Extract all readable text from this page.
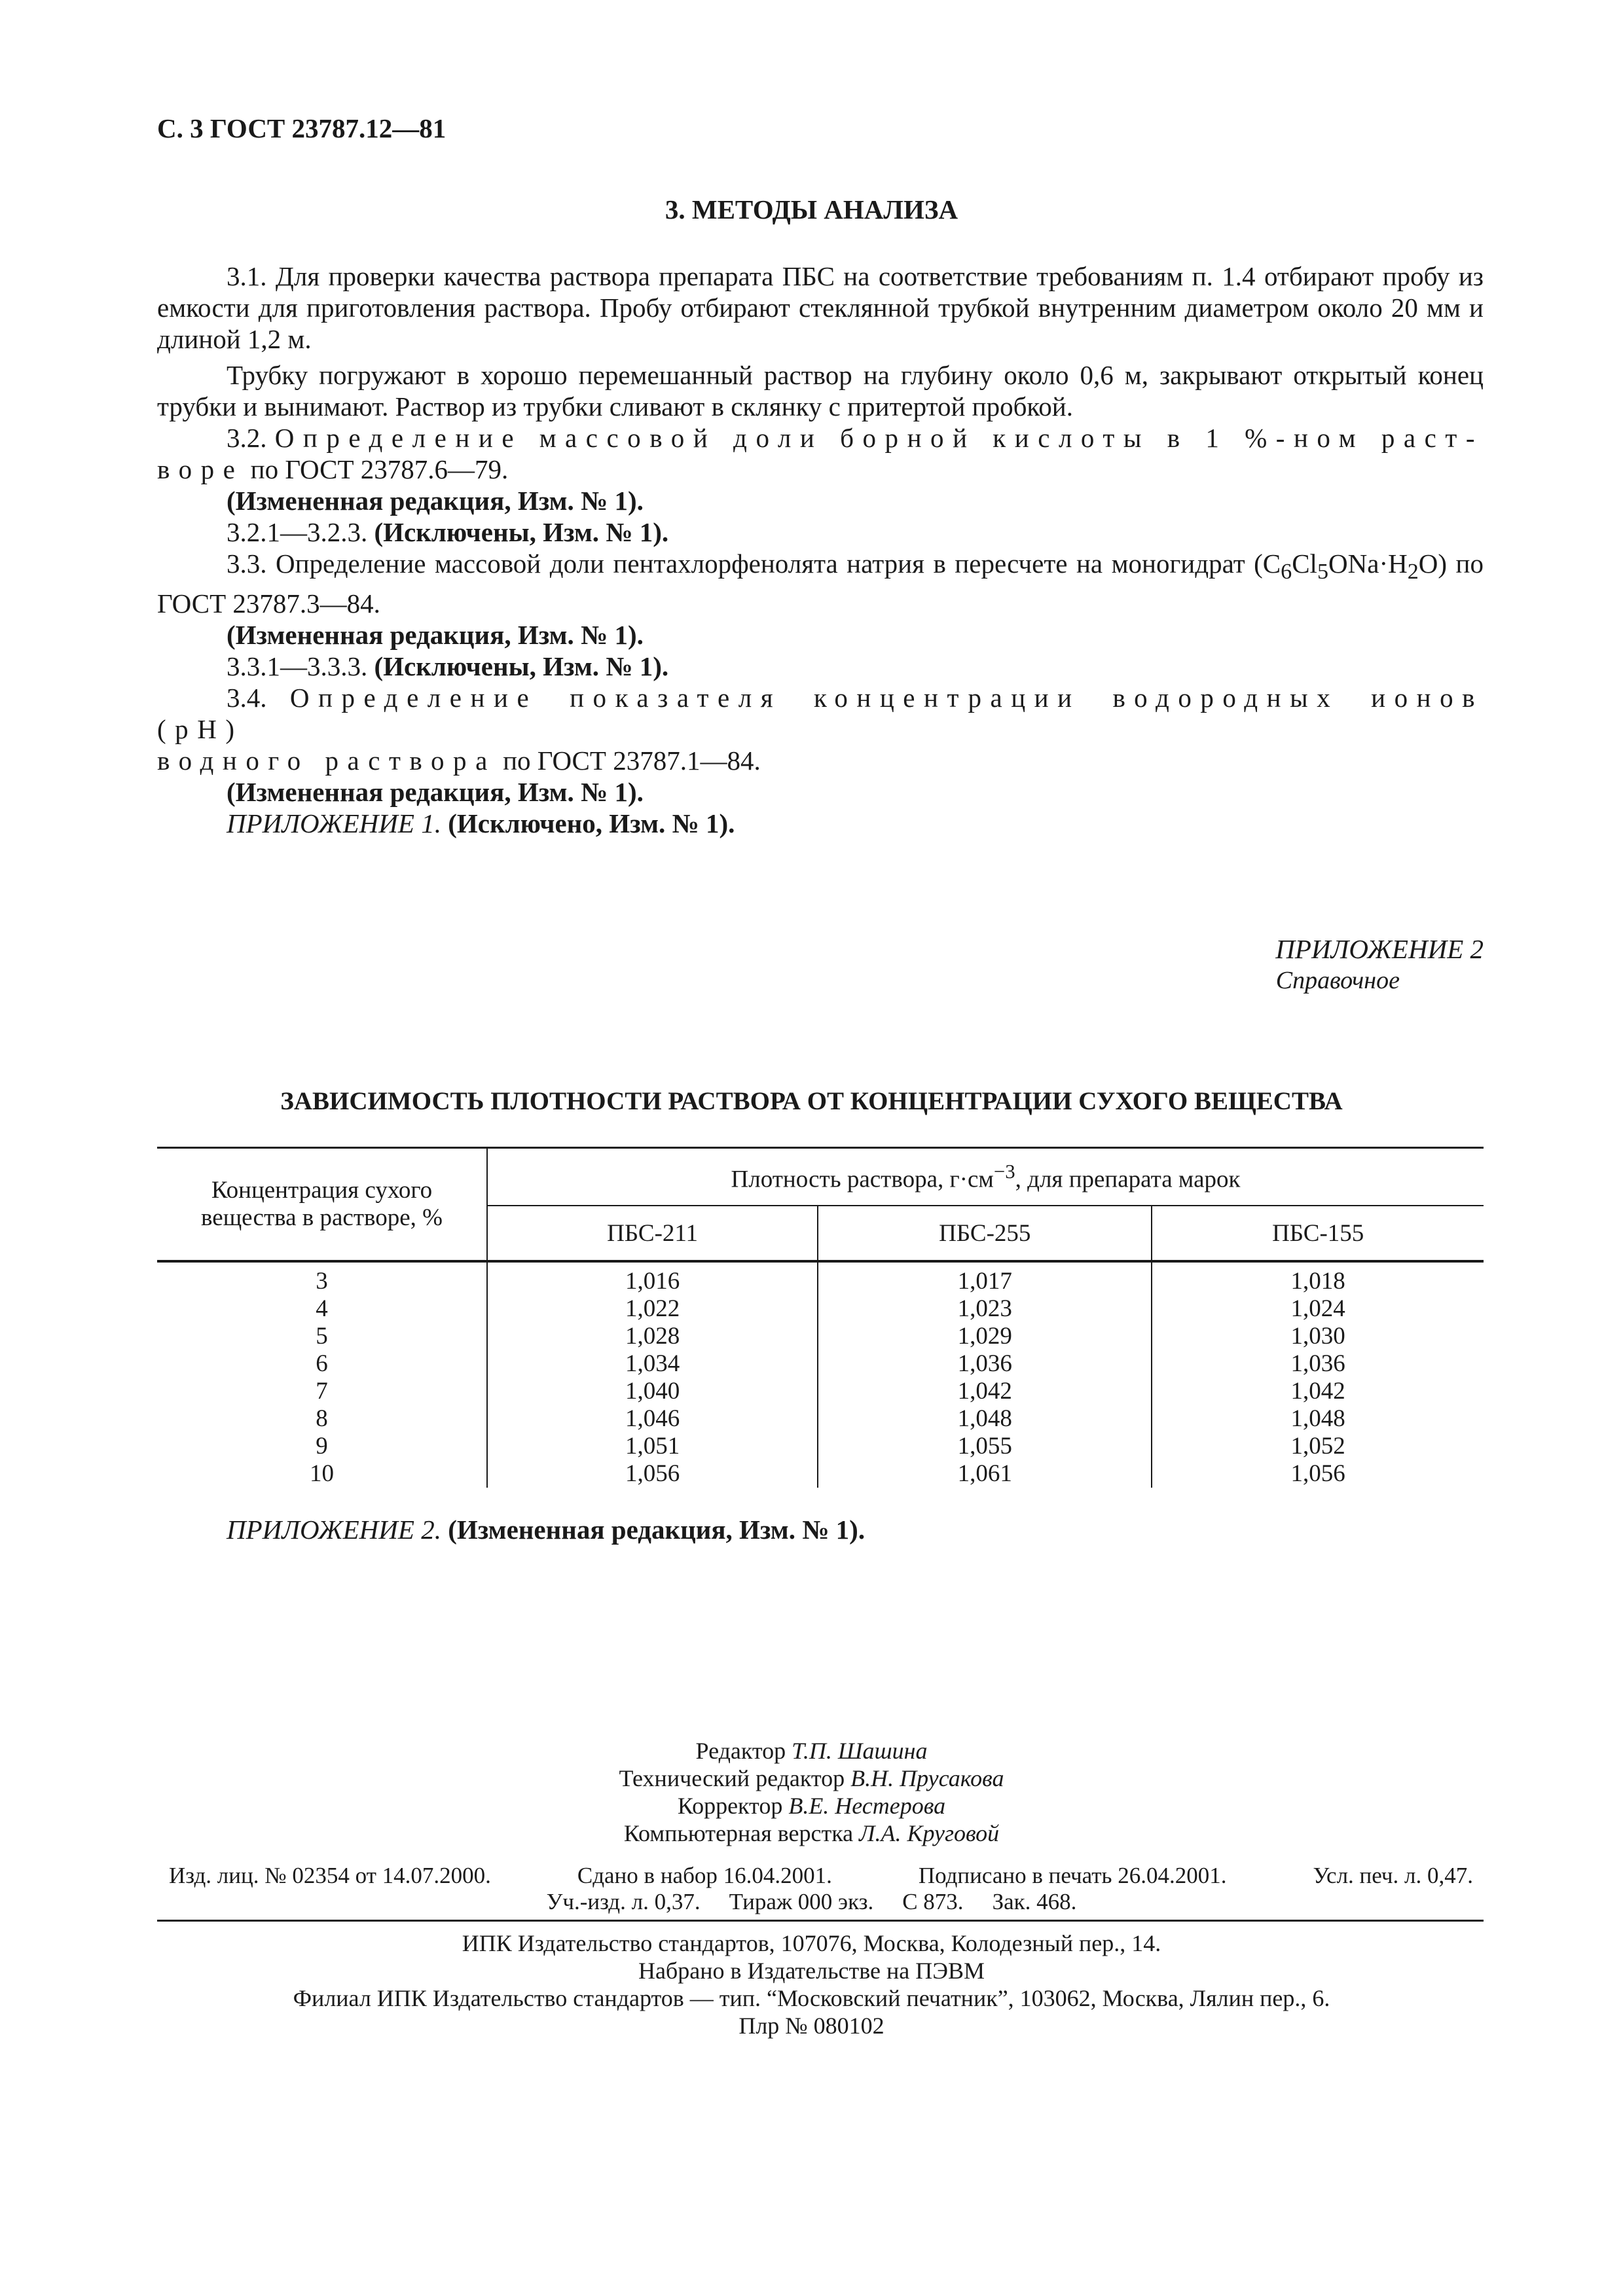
С. 3 ГОСТ 23787.12—81
3. МЕТОДЫ АНАЛИЗА

3.1. Для проверки качества раствора препарата ПБС на соответствие требованиям п. 1.4 отбирают пробу из емкости для приготовления раствора. Пробу отбирают стеклянной трубкой внутренним диаметром около 20 мм и длиной 1,2 м.

Трубку погружают в хорошо перемешанный раствор на глубину около 0,6 м, закрывают открытый конец трубки и вынимают. Раствор из трубки сливают в склянку с притертой пробкой.

3.2. Определение массовой доли борной кислоты в 1 %-ном раст-

воре по ГОСТ 23787.6—79.

(Измененная редакция, Изм. № 1).

3.2.1—3.2.3. (Исключены, Изм. № 1).

3.3. Определение массовой доли пентахлорфенолята натрия в пересчете на моногидрат $(C_6Cl_5ONa\cdot H_2O)$ по ГОСТ 23787.3—84.

(Измененная редакция, Изм. № 1).

3.3.1—3.3.3. (Исключены, Изм. № 1).

3.4. Определение показателя концентрации водородных ионов (pH)

водного раствора по ГОСТ 23787.1—84.

(Измененная редакция, Изм. № 1).

ПРИЛОЖЕНИЕ 1. (Исключено, Изм. № 1).
ПРИЛОЖЕНИЕ 2
Справочное
ЗАВИСИМОСТЬ ПЛОТНОСТИ РАСТВОРА ОТ КОНЦЕНТРАЦИИ СУХОГО ВЕЩЕСТВА
Концентрация сухого
вещества в растворе, %	Плотность раствора, $г\cdot см^{-3}$, для препарата марок		
	ПБС-211	ПБС-255	ПБС-155
3	1,016	1,017	1,018
4	1,022	1,023	1,024
5	1,028	1,029	1,030
6	1,034	1,036	1,036
7	1,040	1,042	1,042
8	1,046	1,048	1,048
9	1,051	1,055	1,052
10	1,056	1,061	1,056
ПРИЛОЖЕНИЕ 2. (Измененная редакция, Изм. № 1).
Редактор Т.П. Шашина
Технический редактор В.Н. Прусакова
Корректор В.Е. Нестерова
Компьютерная верстка Л.А. Круговой
Изд. лиц. № 02354 от 14.07.2000.	Сдано в набор 16.04.2001.	Подписано в печать 26.04.2001.	Усл. печ. л. 0,47.
Уч.-изд. л. 0,37. Тираж 000 экз. С 873. Зак. 468.
ИПК Издательство стандартов, 107076, Москва, Колодезный пер., 14.
Набрано в Издательстве на ПЭВМ
Филиал ИПК Издательство стандартов — тип. “Московский печатник”, 103062, Москва, Лялин пер., 6.
Плр № 080102
